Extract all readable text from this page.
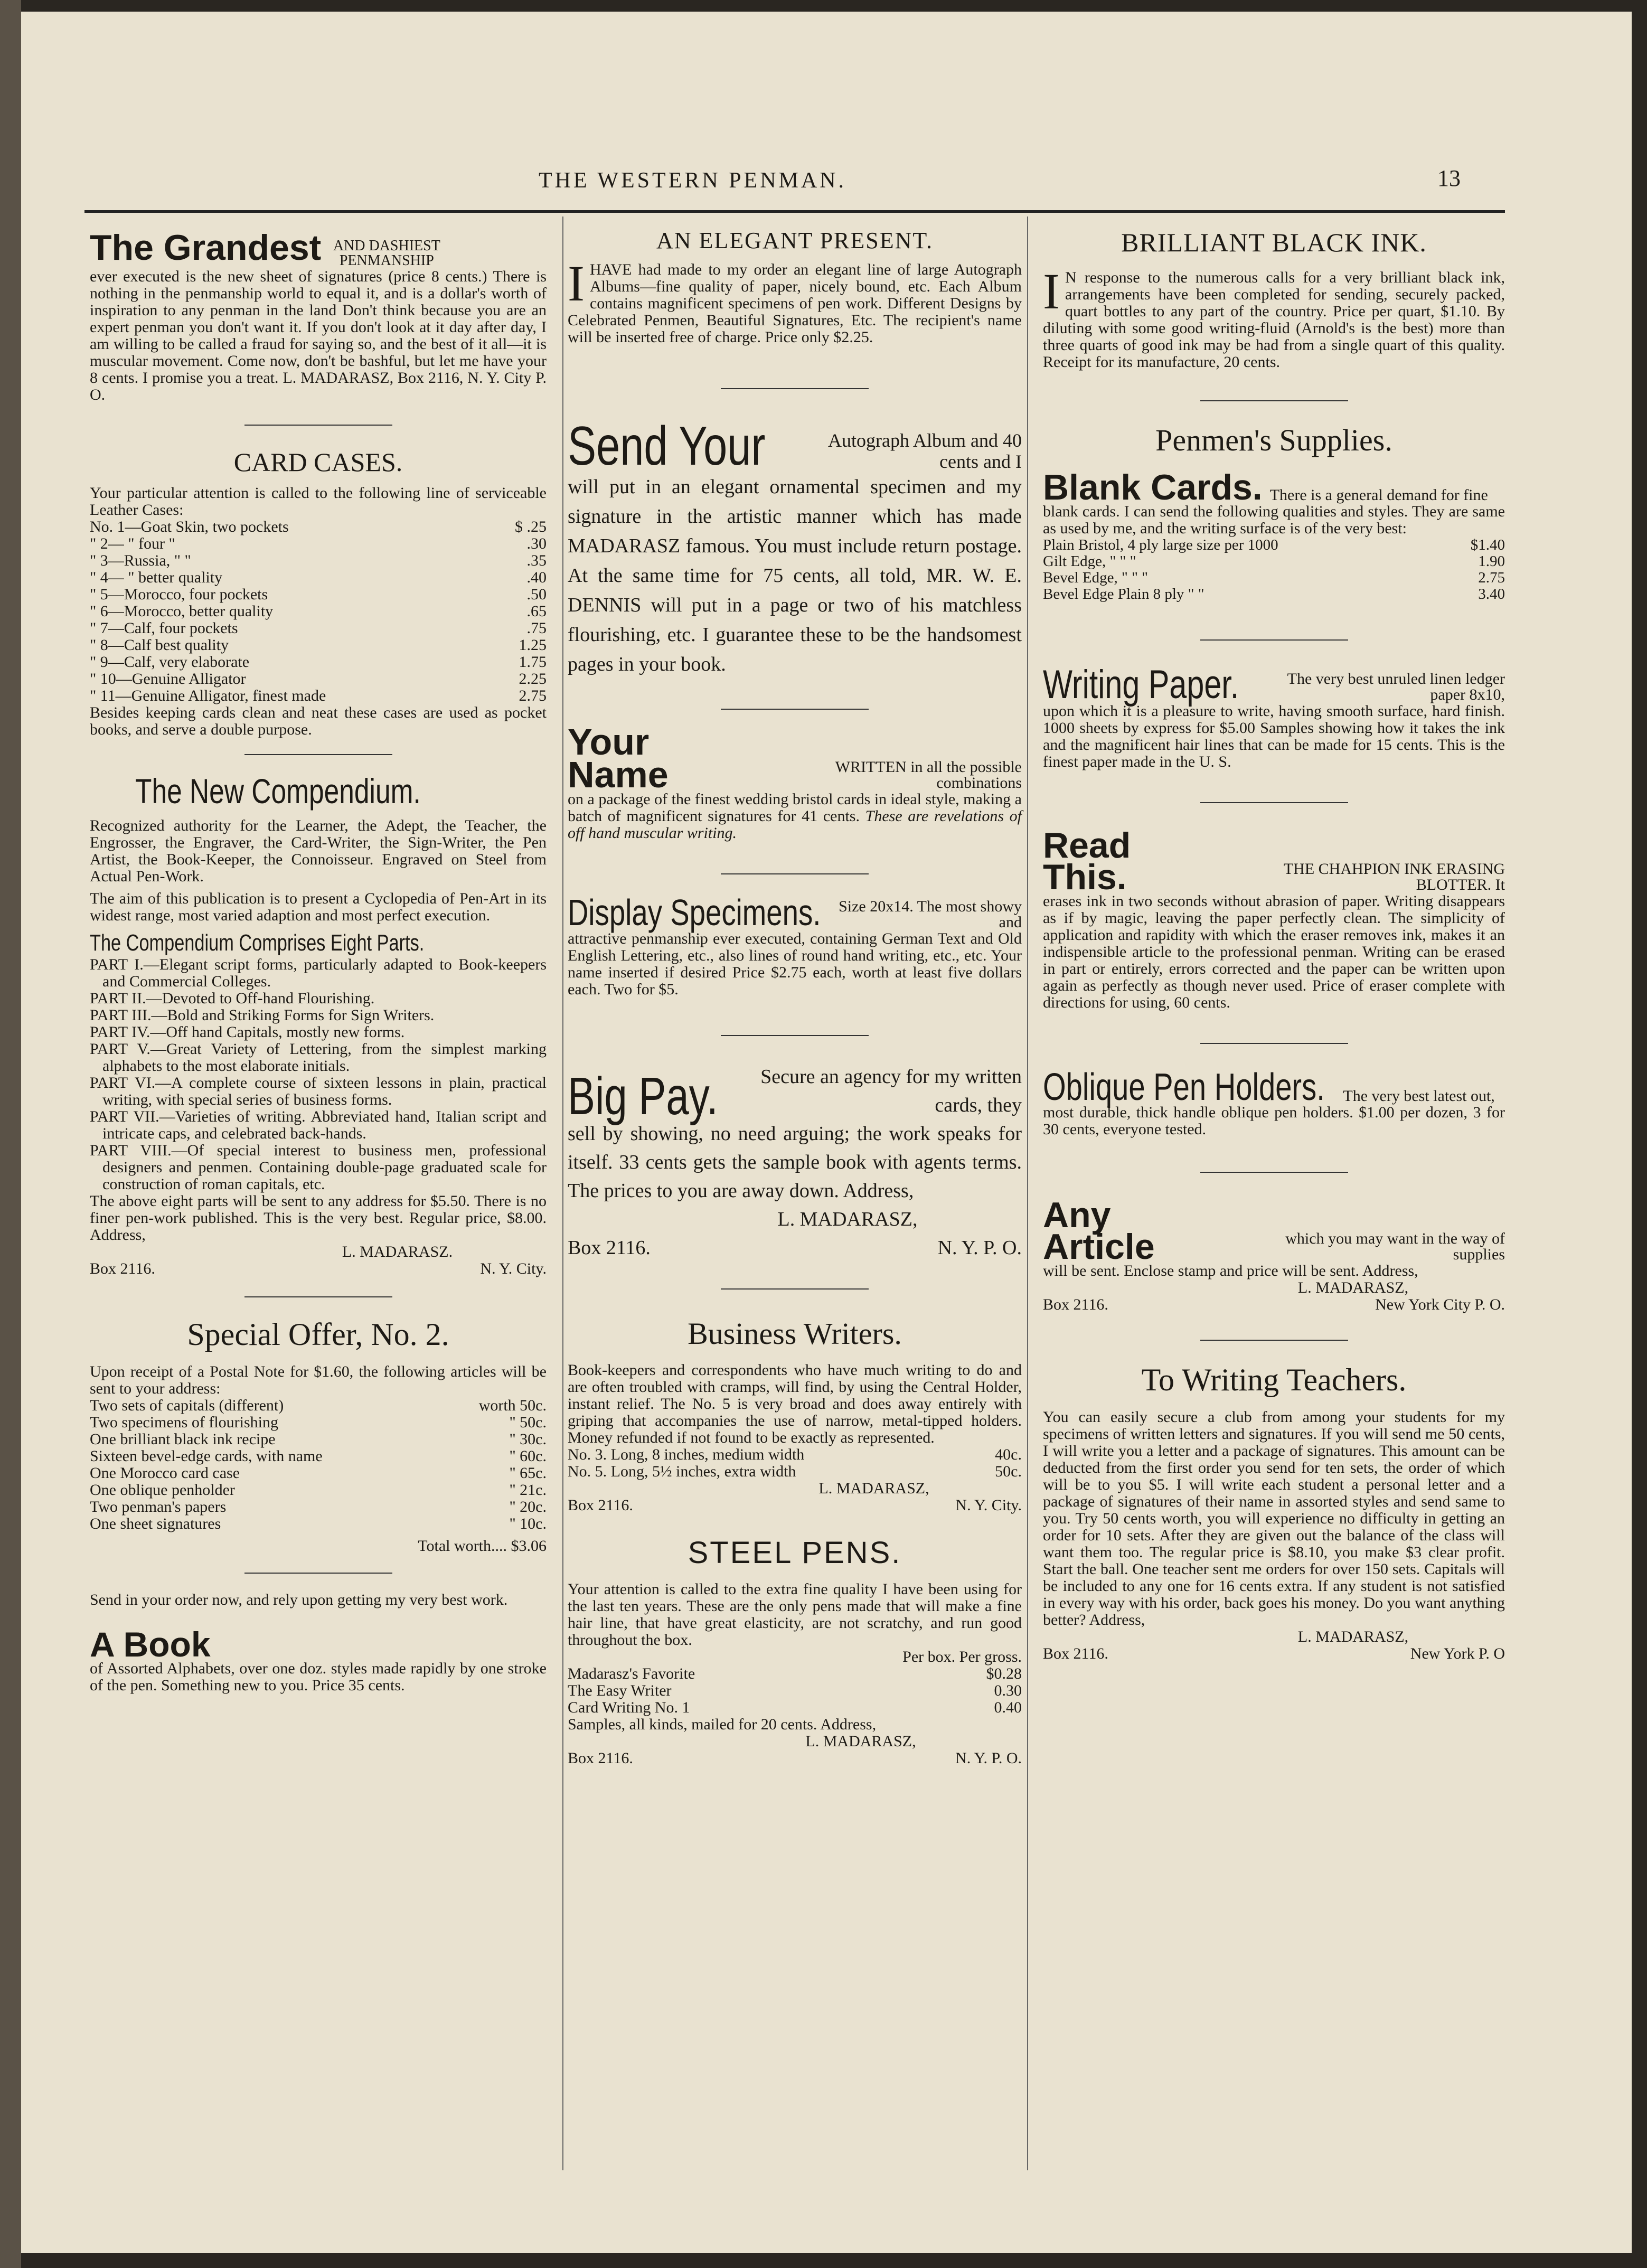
THE WESTERN PENMAN.	13
The Grandest AND DASHIEST PENMANSHIP

ever executed is the new sheet of signatures (price 8 cents.) There is nothing in the penmanship world to equal it, and is a dollar's worth of inspiration to any penman in the land Don't think because you are an expert penman you don't want it. If you don't look at it day after day, I am willing to be called a fraud for saying so, and the best of it all—it is muscular movement. Come now, don't be bashful, but let me have your 8 cents. I promise you a treat. L. MADARASZ, Box 2116, N. Y. City P. O.

CARD CASES.

Your particular attention is called to the following line of serviceable Leather Cases:

No. 1—Goat Skin, two pockets	$ .25
" 2— " four "	.30
" 3—Russia, " "	.35
" 4— " better quality	.40
" 5—Morocco, four pockets	.50
" 6—Morocco, better quality	.65
" 7—Calf, four pockets	.75
" 8—Calf best quality	1.25
" 9—Calf, very elaborate	1.75
" 10—Genuine Alligator	2.25
" 11—Genuine Alligator, finest made	2.75

Besides keeping cards clean and neat these cases are used as pocket books, and serve a double purpose.

The New Compendium.

Recognized authority for the Learner, the Adept, the Teacher, the Engrosser, the Engraver, the Card-Writer, the Sign-Writer, the Pen Artist, the Book-Keeper, the Connoisseur. Engraved on Steel from Actual Pen-Work.

The aim of this publication is to present a Cyclopedia of Pen-Art in its widest range, most varied adaption and most perfect execution.

The Compendium Comprises Eight Parts.

PART I.—Elegant script forms, particularly adapted to Book-keepers and Commercial Colleges.

PART II.—Devoted to Off-hand Flourishing.

PART III.—Bold and Striking Forms for Sign Writers.

PART IV.—Off hand Capitals, mostly new forms.

PART V.—Great Variety of Lettering, from the simplest marking alphabets to the most elaborate initials.

PART VI.—A complete course of sixteen lessons in plain, practical writing, with special series of business forms.

PART VII.—Varieties of writing. Abbreviated hand, Italian script and intricate caps, and celebrated back-hands.

PART VIII.—Of special interest to business men, professional designers and penmen. Containing double-page graduated scale for construction of roman capitals, etc.

The above eight parts will be sent to any address for $5.50. There is no finer pen-work published. This is the very best. Regular price, $8.00. Address,

L. MADARASZ.
Box 2116.	N. Y. City.
Special Offer, No. 2.

Upon receipt of a Postal Note for $1.60, the following articles will be sent to your address:

Two sets of capitals (different)	worth 50c.
Two specimens of flourishing	" 50c.
One brilliant black ink recipe	" 30c.
Sixteen bevel-edge cards, with name	" 60c.
One Morocco card case	" 65c.
One oblique penholder	" 21c.
Two penman's papers	" 20c.
One sheet signatures	" 10c.
Total worth.... $3.06

Send in your order now, and rely upon getting my very best work.

A Book

of Assorted Alphabets, over one doz. styles made rapidly by one stroke of the pen. Something new to you. Price 35 cents.

AN ELEGANT PRESENT.

IHAVE had made to my order an elegant line of large Autograph Albums—fine quality of paper, nicely bound, etc. Each Album contains magnificent specimens of pen work. Different Designs by Celebrated Penmen, Beautiful Signatures, Etc. The recipient's name will be inserted free of charge. Price only $2.25.

Send Your	Autograph Album and 40 cents and I

will put in an elegant ornamental specimen and my signature in the artistic manner which has made MADARASZ famous. You must include return postage. At the same time for 75 cents, all told, MR. W. E. DENNIS will put in a page or two of his matchless flourishing, etc. I guarantee these to be the handsomest pages in your book.

Your Name	WRITTEN in all the possible combinations

on a package of the finest wedding bristol cards in ideal style, making a batch of magnificent signatures for 41 cents. These are revelations of off hand muscular writing.

Display Specimens.	Size 20x14. The most showy and

attractive penmanship ever executed, containing German Text and Old English Lettering, etc., also lines of round hand writing, etc., etc. Your name inserted if desired Price $2.75 each, worth at least five dollars each. Two for $5.

Big Pay.	Secure an agency for my written cards, they

sell by showing, no need arguing; the work speaks for itself. 33 cents gets the sample book with agents terms. The prices to you are away down. Address,

L. MADARASZ,
Box 2116.	N. Y. P. O.
Business Writers.

Book-keepers and correspondents who have much writing to do and are often troubled with cramps, will find, by using the Central Holder, instant relief. The No. 5 is very broad and does away entirely with griping that accompanies the use of narrow, metal-tipped holders. Money refunded if not found to be exactly as represented.

No. 3. Long, 8 inches, medium width	40c.
No. 5. Long, 5½ inches, extra width	50c.
L. MADARASZ,
Box 2116.	N. Y. City.
STEEL PENS.

Your attention is called to the extra fine quality I have been using for the last ten years. These are the only pens made that will make a fine hair line, that have great elasticity, are not scratchy, and run good throughout the box.

Per box. Per gross.
Madarasz's Favorite	$0.28
The Easy Writer	0.30
Card Writing No. 1	0.40

Samples, all kinds, mailed for 20 cents. Address,

L. MADARASZ,
Box 2116.	N. Y. P. O.
BRILLIANT BLACK INK.

I N response to the numerous calls for a very brilliant black ink, arrangements have been completed for sending, securely packed, quart bottles to any part of the country. Price per quart, $1.10. By diluting with some good writing-fluid (Arnold's is the best) more than three quarts of good ink may be had from a single quart of this quality. Receipt for its manufacture, 20 cents.

Penmen's Supplies.
Blank Cards. There is a general demand for fine

blank cards. I can send the following qualities and styles. They are same as used by me, and the writing surface is of the very best:

Plain Bristol, 4 ply large size per 1000	$1.40
Gilt Edge, " " "	1.90
Bevel Edge, " " "	2.75
Bevel Edge Plain 8 ply " "	3.40
Writing Paper.	The very best unruled linen ledger paper 8x10,

upon which it is a pleasure to write, having smooth surface, hard finish. 1000 sheets by express for $5.00 Samples showing how it takes the ink and the magnificent hair lines that can be made for 15 cents. This is the finest paper made in the U. S.

Read This.	THE CHAHPION INK ERASING BLOTTER. It

erases ink in two seconds without abrasion of paper. Writing disappears as if by magic, leaving the paper perfectly clean. The simplicity of application and rapidity with which the eraser removes ink, makes it an indispensible article to the professional penman. Writing can be erased in part or entirely, errors corrected and the paper can be written upon again as perfectly as though never used. Price of eraser complete with directions for using, 60 cents.

Oblique Pen Holders.	The very best latest out,

most durable, thick handle oblique pen holders. $1.00 per dozen, 3 for 30 cents, everyone tested.

Any Article	which you may want in the way of supplies

will be sent. Enclose stamp and price will be sent. Address,

L. MADARASZ,
Box 2116.	New York City P. O.
To Writing Teachers.

You can easily secure a club from among your students for my specimens of written letters and signatures. If you will send me 50 cents, I will write you a letter and a package of signatures. This amount can be deducted from the first order you send for ten sets, the order of which will be to you $5. I will write each student a personal letter and a package of signatures of their name in assorted styles and send same to you. Try 50 cents worth, you will experience no difficulty in getting an order for 10 sets. After they are given out the balance of the class will want them too. The regular price is $8.10, you make $3 clear profit. Start the ball. One teacher sent me orders for over 150 sets. Capitals will be included to any one for 16 cents extra. If any student is not satisfied in every way with his order, back goes his money. Do you want anything better? Address,

L. MADARASZ,
Box 2116.	New York P. O
